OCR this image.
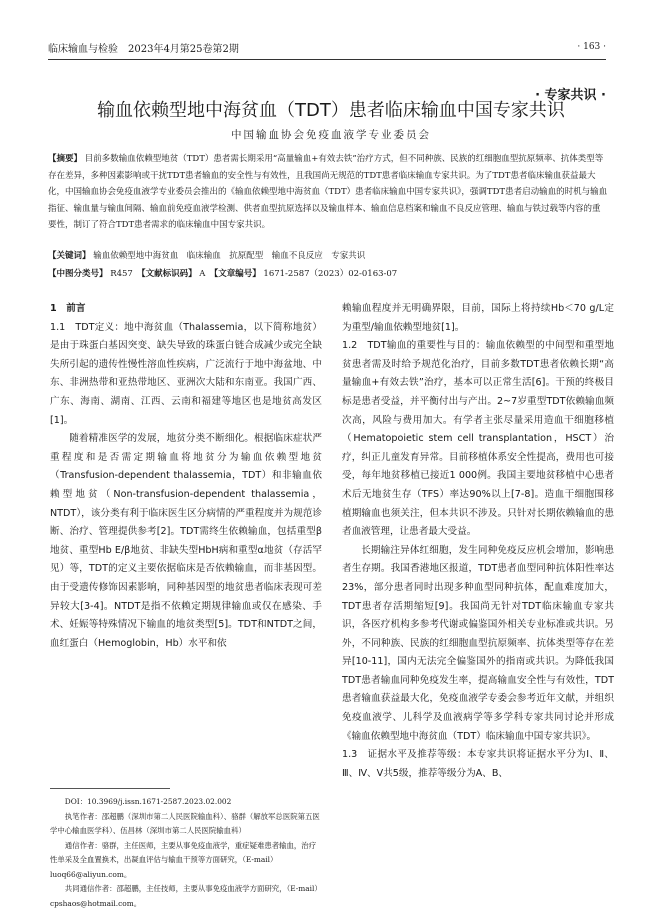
临床输血与检验　2023年4月第25卷第2期	· 163 ·
· 专家共识 ·
输血依赖型地中海贫血（TDT）患者临床输血中国专家共识
中国输血协会免疫血液学专业委员会
【摘要】 目前多数输血依赖型地贫（TDT）患者需长期采用“高量输血+有效去铁”治疗方式，但不同种族、民族的红细胞血型抗原频率、抗体类型等存在差异，多种因素影响或干扰TDT患者输血的安全性与有效性，且我国尚无规范的TDT患者临床输血专家共识。为了TDT患者临床输血获益最大化，中国输血协会免疫血液学专业委员会推出的《输血依赖型地中海贫血（TDT）患者临床输血中国专家共识》，强调TDT患者启动输血的时机与输血指征、输血量与输血间隔、输血前免疫血液学检测、供者血型抗原选择以及输血样本、输血信息档案和输血不良反应管理、输血与铁过载等内容的重要性，制订了符合TDT患者需求的临床输血中国专家共识。
【关键词】 输血依赖型地中海贫血　临床输血　抗原配型　输血不良反应　专家共识
【中图分类号】 R457　【文献标识码】 A　【文章编号】 1671-2587（2023）02-0163-07

1　前言

1.1　TDT定义：地中海贫血（Thalassemia，以下简称地贫）是由于珠蛋白基因突变、缺失导致的珠蛋白链合成减少或完全缺失所引起的遗传性慢性溶血性疾病，广泛流行于地中海盆地、中东、非洲热带和亚热带地区、亚洲次大陆和东南亚。我国广西、广东、海南、湖南、江西、云南和福建等地区也是地贫高发区[1]。

随着精准医学的发展，地贫分类不断细化。根据临床症状严重程度和是否需定期输血将地贫分为输血依赖型地贫（Transfusion-dependent thalassemia，TDT）和非输血依赖型地贫（Non-transfusion-dependent thalassemia，NTDT），该分类有利于临床医生区分病情的严重程度并为规范诊断、治疗、管理提供参考[2]。TDT需终生依赖输血，包括重型β地贫、重型Hb E/β地贫、非缺失型HbH病和重型α地贫（存活罕见）等，TDT的定义主要依据临床是否依赖输血，而非基因型。由于受遗传修饰因素影响，同种基因型的地贫患者临床表现可差异较大[3-4]。NTDT是指不依赖定期规律输血或仅在感染、手术、妊娠等特殊情况下输血的地贫类型[5]。TDT和NTDT之间，血红蛋白（Hemoglobin，Hb）水平和依

DOI：10.3969/j.issn.1671-2587.2023.02.002

执笔作者：邵超鹏（深圳市第二人民医院输血科）、骆群（解放军总医院第五医学中心输血医学科）、伍昌林（深圳市第二人民医院输血科）

通信作者：骆群，主任医师，主要从事免疫血液学，重症疑难患者输血，治疗性单采及全血置换术，出凝血评估与输血干预等方面研究，（E-mail）luoq66@aliyun.com。

共同通信作者：邵超鹏，主任技师，主要从事免疫血液学方面研究，（E-mail）cpshaos@hotmail.com。

赖输血程度并无明确界限，目前，国际上将持续Hb＜70 g/L定为重型/输血依赖型地贫[1]。

1.2　TDT输血的重要性与目的：输血依赖型的中间型和重型地贫患者需及时给予规范化治疗，目前多数TDT患者依赖长期“高量输血+有效去铁”治疗，基本可以正常生活[6]。干预的终极目标是患者受益，并平衡付出与产出。2~7岁重型TDT依赖输血频次高，风险与费用加大。有学者主张尽量采用造血干细胞移植（Hematopoietic stem cell transplantation，HSCT）治疗，纠正儿童发育异常。目前移植体系安全性提高，费用也可接受，每年地贫移植已接近1 000例。我国主要地贫移植中心患者术后无地贫生存（TFS）率达90%以上[7-8]。造血干细胞围移植期输血也须关注，但本共识不涉及。只针对长期依赖输血的患者血液管理，让患者最大受益。

长期输注异体红细胞，发生同种免疫反应机会增加，影响患者生存期。我国香港地区报道，TDT患者血型同种抗体阳性率达23%，部分患者同时出现多种血型同种抗体，配血难度加大，TDT患者存活期缩短[9]。我国尚无针对TDT临床输血专家共识，各医疗机构多参考代谢或偏鉴国外相关专业标准或共识。另外，不同种族、民族的红细胞血型抗原频率、抗体类型等存在差异[10-11]，国内无法完全偏鉴国外的指南或共识。为降低我国TDT患者输血同种免疫发生率，提高输血安全性与有效性，TDT患者输血获益最大化，免疫血液学专委会参考近年文献，并组织免疫血液学、儿科学及血液病学等多学科专家共同讨论并形成《输血依赖型地中海贫血（TDT）临床输血中国专家共识》。

1.3　证据水平及推荐等级：本专家共识将证据水平分为Ⅰ、Ⅱ、Ⅲ、Ⅳ、Ⅴ共5级，推荐等级分为A、B、
